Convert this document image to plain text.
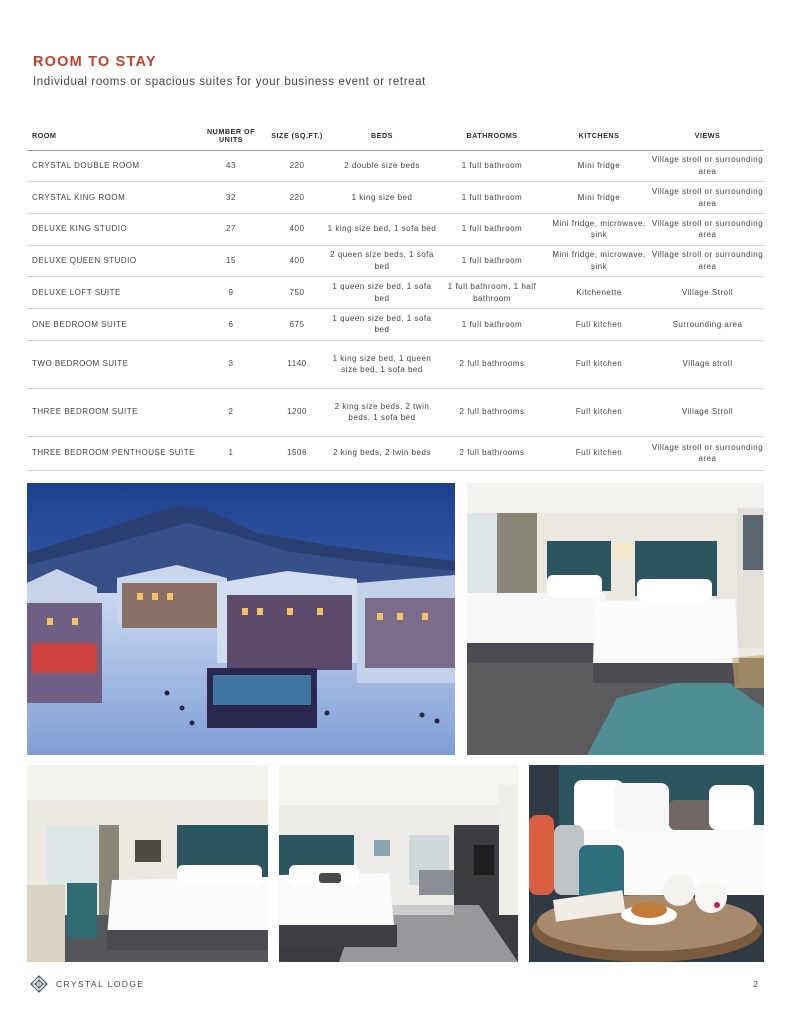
ROOM TO STAY
Individual rooms or spacious suites for your business event or retreat
ROOM	NUMBER OF UNITS	SIZE (SQ.FT.)	BEDS	BATHROOMS	KITCHENS	VIEWS
CRYSTAL DOUBLE ROOM	43	220	2 double size beds	1 full bathroom	Mini fridge	Village stroll or surrounding area
CRYSTAL KING ROOM	32	220	1 king size bed	1 full bathroom	Mini fridge	Village stroll or surrounding area
DELUXE KING STUDIO	27	400	1 king size bed, 1 sofa bed	1 full bathroom	Mini fridge, microwave, sink	Village stroll or surrounding area
DELUXE QUEEN STUDIO	15	400	2 queen size beds, 1 sofa bed	1 full bathroom	Mini fridge, microwave, sink	Village stroll or surrounding area
DELUXE LOFT SUITE	9	750	1 queen size bed, 1 sofa bed	1 full bathroom, 1 half bathroom	Kitchenette	Village Stroll
ONE BEDROOM SUITE	6	675	1 queen size bed, 1 sofa bed	1 full bathroom	Full kitchen	Surrounding area
TWO BEDROOM SUITE	3	1140	1 king size bed, 1 queen size bed, 1 sofa bed	2 full bathrooms	Full kitchen	Village stroll
THREE BEDROOM SUITE	2	1200	2 king size beds, 2 twin beds, 1 sofa bed	2 full bathrooms	Full kitchen	Village Stroll
THREE BEDROOM PENTHOUSE SUITE	1	1506	2 king beds, 2 twin beds	2 full bathrooms	Full kitchen	Village stroll or surrounding area
CRYSTAL LODGE	2
